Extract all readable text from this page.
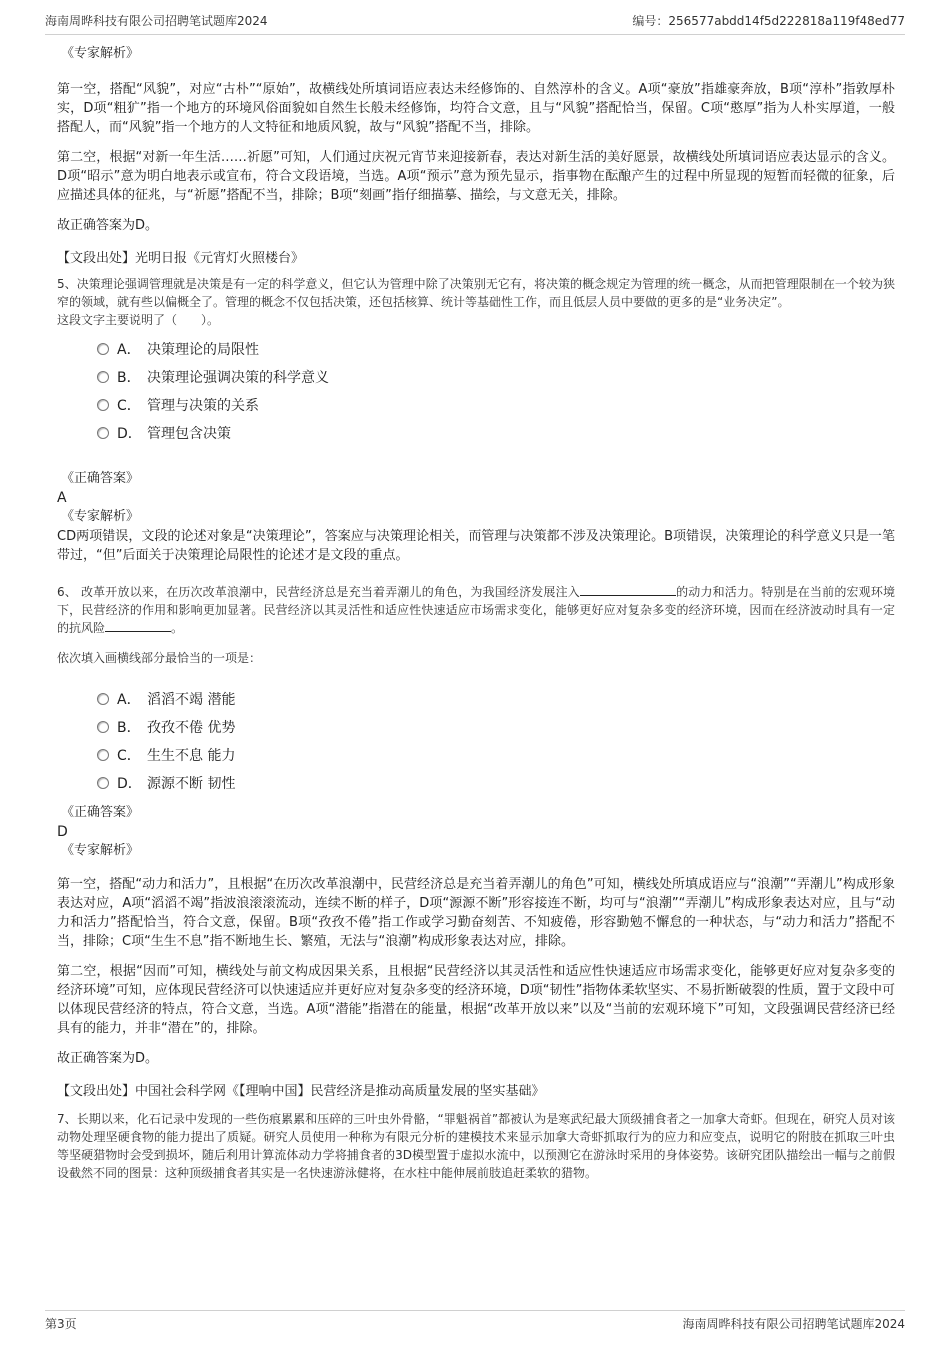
海南周晔科技有限公司招聘笔试题库2024	编号：256577abdd14f5d222818a119f48ed77

《专家解析》

第一空，搭配“风貌”，对应“古朴”“原始”，故横线处所填词语应表达未经修饰的、自然淳朴的含义。A项“豪放”指雄豪奔放，B项“淳朴”指敦厚朴实，D项“粗犷”指一个地方的环境风俗面貌如自然生长般未经修饰，均符合文意，且与“风貌”搭配恰当，保留。C项“憨厚”指为人朴实厚道，一般搭配人，而“风貌”指一个地方的人文特征和地质风貌，故与“风貌”搭配不当，排除。

第二空，根据“对新一年生活……祈愿”可知，人们通过庆祝元宵节来迎接新春，表达对新生活的美好愿景，故横线处所填词语应表达显示的含义。D项“昭示”意为明白地表示或宣布，符合文段语境，当选。A项“预示”意为预先显示，指事物在酝酿产生的过程中所显现的短暂而轻微的征象，后应描述具体的征兆，与“祈愿”搭配不当，排除；B项“刻画”指仔细描摹、描绘，与文意无关，排除。

故正确答案为D。

【文段出处】光明日报《元宵灯火照楼台》

5、决策理论强调管理就是决策是有一定的科学意义，但它认为管理中除了决策别无它有，将决策的概念规定为管理的统一概念，从而把管理限制在一个较为狭窄的领域，就有些以偏概全了。管理的概念不仅包括决策，还包括核算、统计等基础性工作，而且低层人员中要做的更多的是“业务决定”。

这段文字主要说明了（　　）。

A． 决策理论的局限性
B． 决策理论强调决策的科学意义
C． 管理与决策的关系
D． 管理包含决策

《正确答案》

A

《专家解析》

CD两项错误，文段的论述对象是“决策理论”，答案应与决策理论相关，而管理与决策都不涉及决策理论。B项错误，决策理论的科学意义只是一笔带过，“但”后面关于决策理论局限性的论述才是文段的重点。

6、 改革开放以来，在历次改革浪潮中，民营经济总是充当着弄潮儿的角色，为我国经济发展注入	的动力和活力。特别是在当前的宏观环境下，民营经济的作用和影响更加显著。民营经济以其灵活性和适应性快速适应市场需求变化，能够更好应对复杂多变的经济环境，因而在经济波动时具有一定的抗风险	。

依次填入画横线部分最恰当的一项是：

A． 滔滔不竭 潜能
B． 孜孜不倦 优势
C． 生生不息 能力
D． 源源不断 韧性

《正确答案》

D

《专家解析》

第一空，搭配“动力和活力”，且根据“在历次改革浪潮中，民营经济总是充当着弄潮儿的角色”可知，横线处所填成语应与“浪潮”“弄潮儿”构成形象表达对应，A项“滔滔不竭”指波浪滚滚流动，连续不断的样子，D项“源源不断”形容接连不断，均可与“浪潮”“弄潮儿”构成形象表达对应，且与“动力和活力”搭配恰当，符合文意，保留。B项“孜孜不倦”指工作或学习勤奋刻苦、不知疲倦，形容勤勉不懈怠的一种状态，与“动力和活力”搭配不当，排除；C项“生生不息”指不断地生长、繁殖，无法与“浪潮”构成形象表达对应，排除。

第二空，根据“因而”可知，横线处与前文构成因果关系，且根据“民营经济以其灵活性和适应性快速适应市场需求变化，能够更好应对复杂多变的经济环境”可知，应体现民营经济可以快速适应并更好应对复杂多变的经济环境，D项“韧性”指物体柔软坚实、不易折断破裂的性质，置于文段中可以体现民营经济的特点，符合文意，当选。A项“潜能”指潜在的能量，根据“改革开放以来”以及“当前的宏观环境下”可知，文段强调民营经济已经具有的能力，并非“潜在”的，排除。

故正确答案为D。

【文段出处】中国社会科学网《【理响中国】民营经济是推动高质量发展的坚实基础》

7、长期以来，化石记录中发现的一些伤痕累累和压碎的三叶虫外骨骼，“罪魁祸首”都被认为是寒武纪最大顶级捕食者之一加拿大奇虾。但现在，研究人员对该动物处理坚硬食物的能力提出了质疑。研究人员使用一种称为有限元分析的建模技术来显示加拿大奇虾抓取行为的应力和应变点，说明它的附肢在抓取三叶虫等坚硬猎物时会受到损坏，随后利用计算流体动力学将捕食者的3D模型置于虚拟水流中，以预测它在游泳时采用的身体姿势。该研究团队描绘出一幅与之前假设截然不同的图景：这种顶级捕食者其实是一名快速游泳健将，在水柱中能伸展前肢追赶柔软的猎物。

第3页	海南周晔科技有限公司招聘笔试题库2024
